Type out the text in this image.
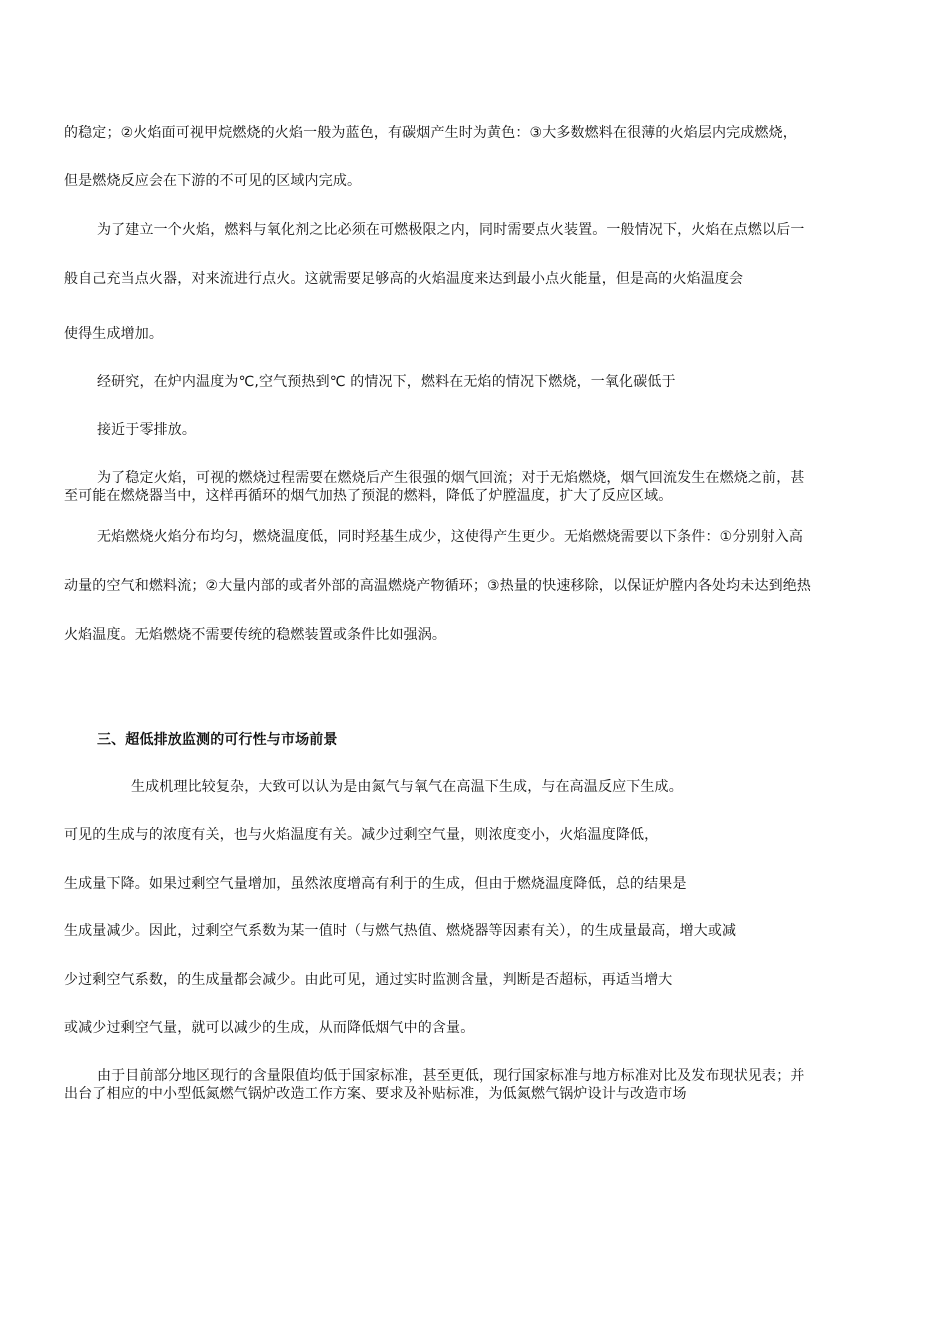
的稳定；②火焰面可视甲烷燃烧的火焰一般为蓝色，有碳烟产生时为黄色：③大多数燃料在很薄的火焰层内完成燃烧，
但是燃烧反应会在下游的不可见的区域内完成。
为了建立一个火焰，燃料与氧化剂之比必须在可燃极限之内，同时需要点火装置。一般情况下，火焰在点燃以后一
般自己充当点火器，对来流进行点火。这就需要足够高的火焰温度来达到最小点火能量，但是高的火焰温度会
使得生成增加。
经研究，在炉内温度为℃,空气预热到℃ 的情况下，燃料在无焰的情况下燃烧，一氧化碳低于
接近于零排放。
为了稳定火焰，可视的燃烧过程需要在燃烧后产生很强的烟气回流；对于无焰燃烧，烟气回流发生在燃烧之前，甚
至可能在燃烧器当中，这样再循环的烟气加热了预混的燃料，降低了炉膛温度，扩大了反应区域。
无焰燃烧火焰分布均匀，燃烧温度低，同时羟基生成少，这使得产生更少。无焰燃烧需要以下条件：①分别射入高
动量的空气和燃料流；②大量内部的或者外部的高温燃烧产物循环；③热量的快速移除，以保证炉膛内各处均未达到绝热
火焰温度。无焰燃烧不需要传统的稳燃装置或条件比如强涡。
三、超低排放监测的可行性与市场前景
生成机理比较复杂，大致可以认为是由氮气与氧气在高温下生成，与在高温反应下生成。
可见的生成与的浓度有关，也与火焰温度有关。减少过剩空气量，则浓度变小，火焰温度降低，
生成量下降。如果过剩空气量增加，虽然浓度增高有利于的生成，但由于燃烧温度降低，总的结果是
生成量减少。因此，过剩空气系数为某一值时（与燃气热值、燃烧器等因素有关），的生成量最高，增大或减
少过剩空气系数，的生成量都会减少。由此可见，通过实时监测含量，判断是否超标，再适当增大
或减少过剩空气量，就可以减少的生成，从而降低烟气中的含量。
由于目前部分地区现行的含量限值均低于国家标准，甚至更低，现行国家标准与地方标准对比及发布现状见表；并
出台了相应的中小型低氮燃气锅炉改造工作方案、要求及补贴标准，为低氮燃气锅炉设计与改造市场
